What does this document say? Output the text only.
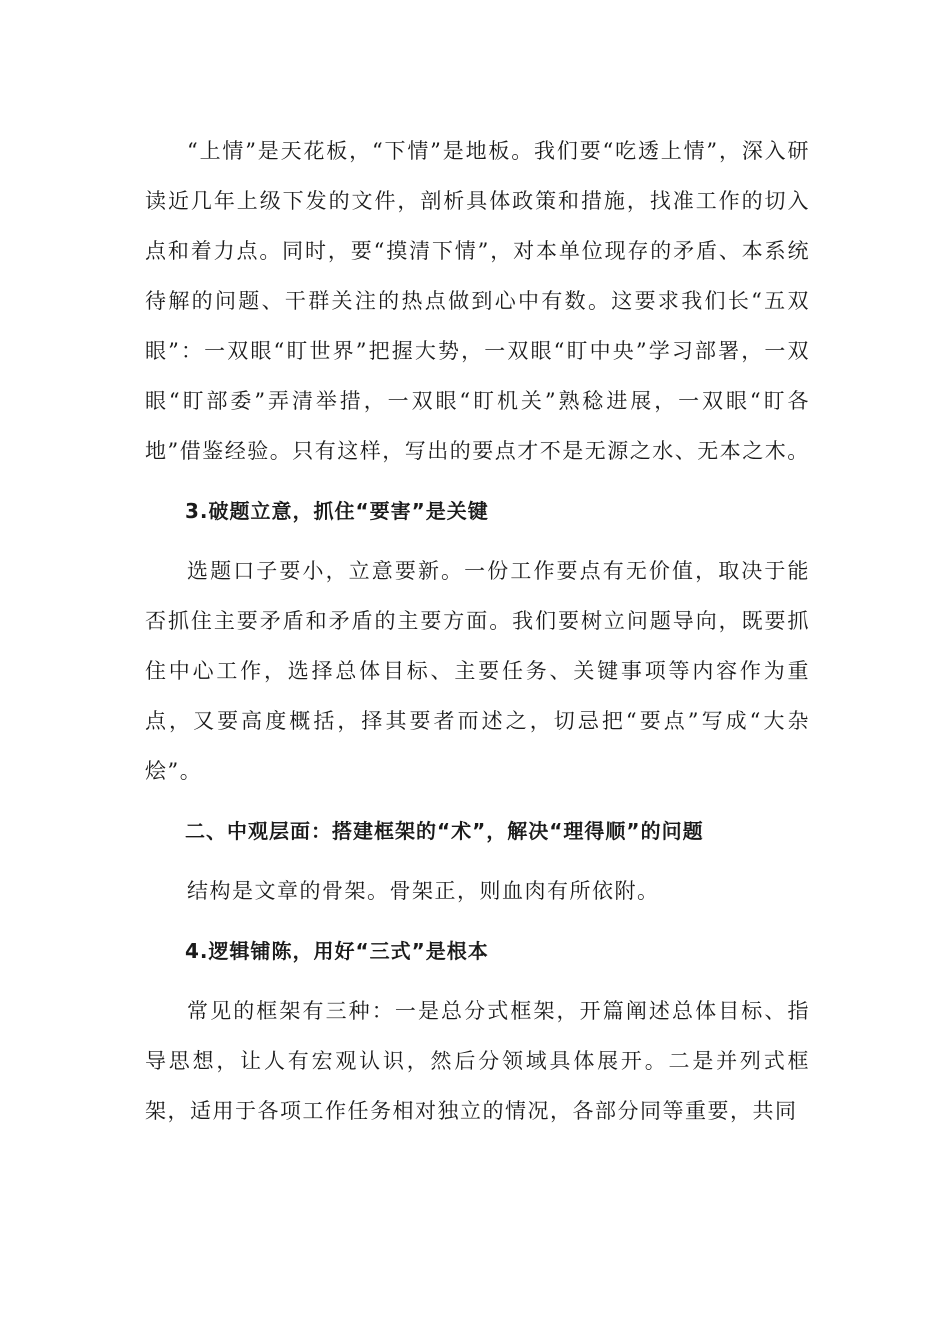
“上情”是天花板，“下情”是地板。我们要“吃透上情”，深入研读近几年上级下发的文件，剖析具体政策和措施，找准工作的切入点和着力点。同时，要“摸清下情”，对本单位现存的矛盾、本系统待解的问题、干群关注的热点做到心中有数。这要求我们长“五双眼”：一双眼“盯世界”把握大势，一双眼“盯中央”学习部署，一双眼“盯部委”弄清举措，一双眼“盯机关”熟稔进展，一双眼“盯各地”借鉴经验。只有这样，写出的要点才不是无源之水、无本之木。

3.破题立意，抓住“要害”是关键

选题口子要小，立意要新。一份工作要点有无价值，取决于能否抓住主要矛盾和矛盾的主要方面。我们要树立问题导向，既要抓住中心工作，选择总体目标、主要任务、关键事项等内容作为重点，又要高度概括，择其要者而述之，切忌把“要点”写成“大杂烩”。

二、中观层面：搭建框架的“术”，解决“理得顺”的问题

结构是文章的骨架。骨架正，则血肉有所依附。

4.逻辑铺陈，用好“三式”是根本

常见的框架有三种：一是总分式框架，开篇阐述总体目标、指导思想，让人有宏观认识，然后分领域具体展开。二是并列式框架，适用于各项工作任务相对独立的情况，各部分同等重要，共同
